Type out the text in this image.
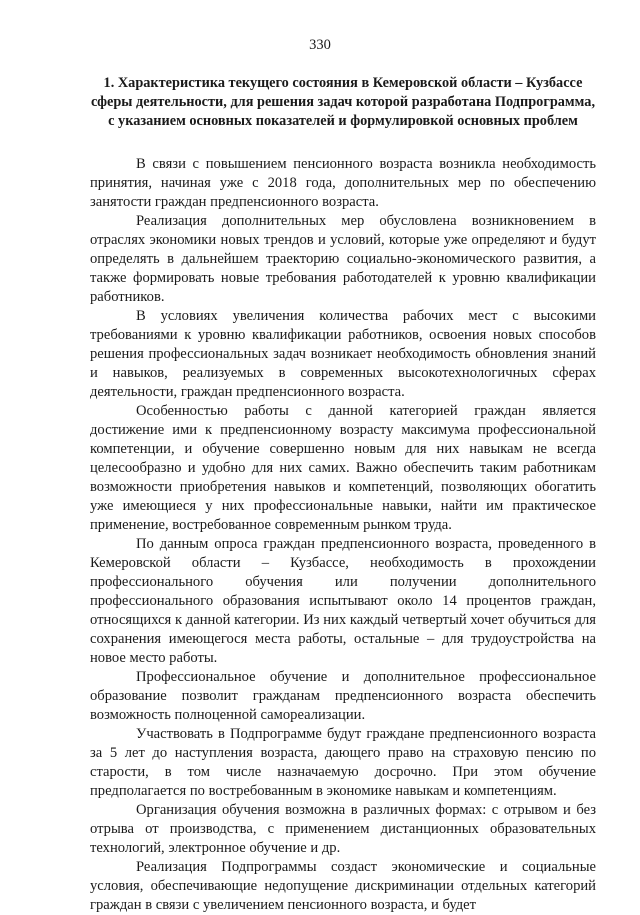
330
1. Характеристика текущего состояния в Кемеровской области – Кузбассе
сферы деятельности, для решения задач которой разработана Подпрограмма,
с указанием основных показателей и формулировкой основных проблем

В связи с повышением пенсионного возраста возникла необходимость принятия, начиная уже с 2018 года, дополнительных мер по обеспечению занятости граждан предпенсионного возраста.

Реализация дополнительных мер обусловлена возникновением в отраслях экономики новых трендов и условий, которые уже определяют и будут определять в дальнейшем траекторию социально-экономического развития, а также формировать новые требования работодателей к уровню квалификации работников.

В условиях увеличения количества рабочих мест с высокими требованиями к уровню квалификации работников, освоения новых способов решения профессиональных задач возникает необходимость обновления знаний и навыков, реализуемых в современных высокотехнологичных сферах деятельности, граждан предпенсионного возраста.

Особенностью работы с данной категорией граждан является достижение ими к предпенсионному возрасту максимума профессиональной компетенции, и обучение совершенно новым для них навыкам не всегда целесообразно и удобно для них самих. Важно обеспечить таким работникам возможности приобретения навыков и компетенций, позволяющих обогатить уже имеющиеся у них профессиональные навыки, найти им практическое применение, востребованное современным рынком труда.

По данным опроса граждан предпенсионного возраста, проведенного в Кемеровской области – Кузбассе, необходимость в прохождении профессионального обучения или получении дополнительного профессионального образования испытывают около 14 процентов граждан, относящихся к данной категории. Из них каждый четвертый хочет обучиться для сохранения имеющегося места работы, остальные – для трудоустройства на новое место работы.

Профессиональное обучение и дополнительное профессиональное образование позволит гражданам предпенсионного возраста обеспечить возможность полноценной самореализации.

Участвовать в Подпрограмме будут граждане предпенсионного возраста за 5 лет до наступления возраста, дающего право на страховую пенсию по старости, в том числе назначаемую досрочно. При этом обучение предполагается по востребованным в экономике навыкам и компетенциям.

Организация обучения возможна в различных формах: с отрывом и без отрыва от производства, с применением дистанционных образовательных технологий, электронное обучение и др.

Реализация Подпрограммы создаст экономические и социальные условия, обеспечивающие недопущение дискриминации отдельных категорий граждан в связи с увеличением пенсионного возраста, и будет
